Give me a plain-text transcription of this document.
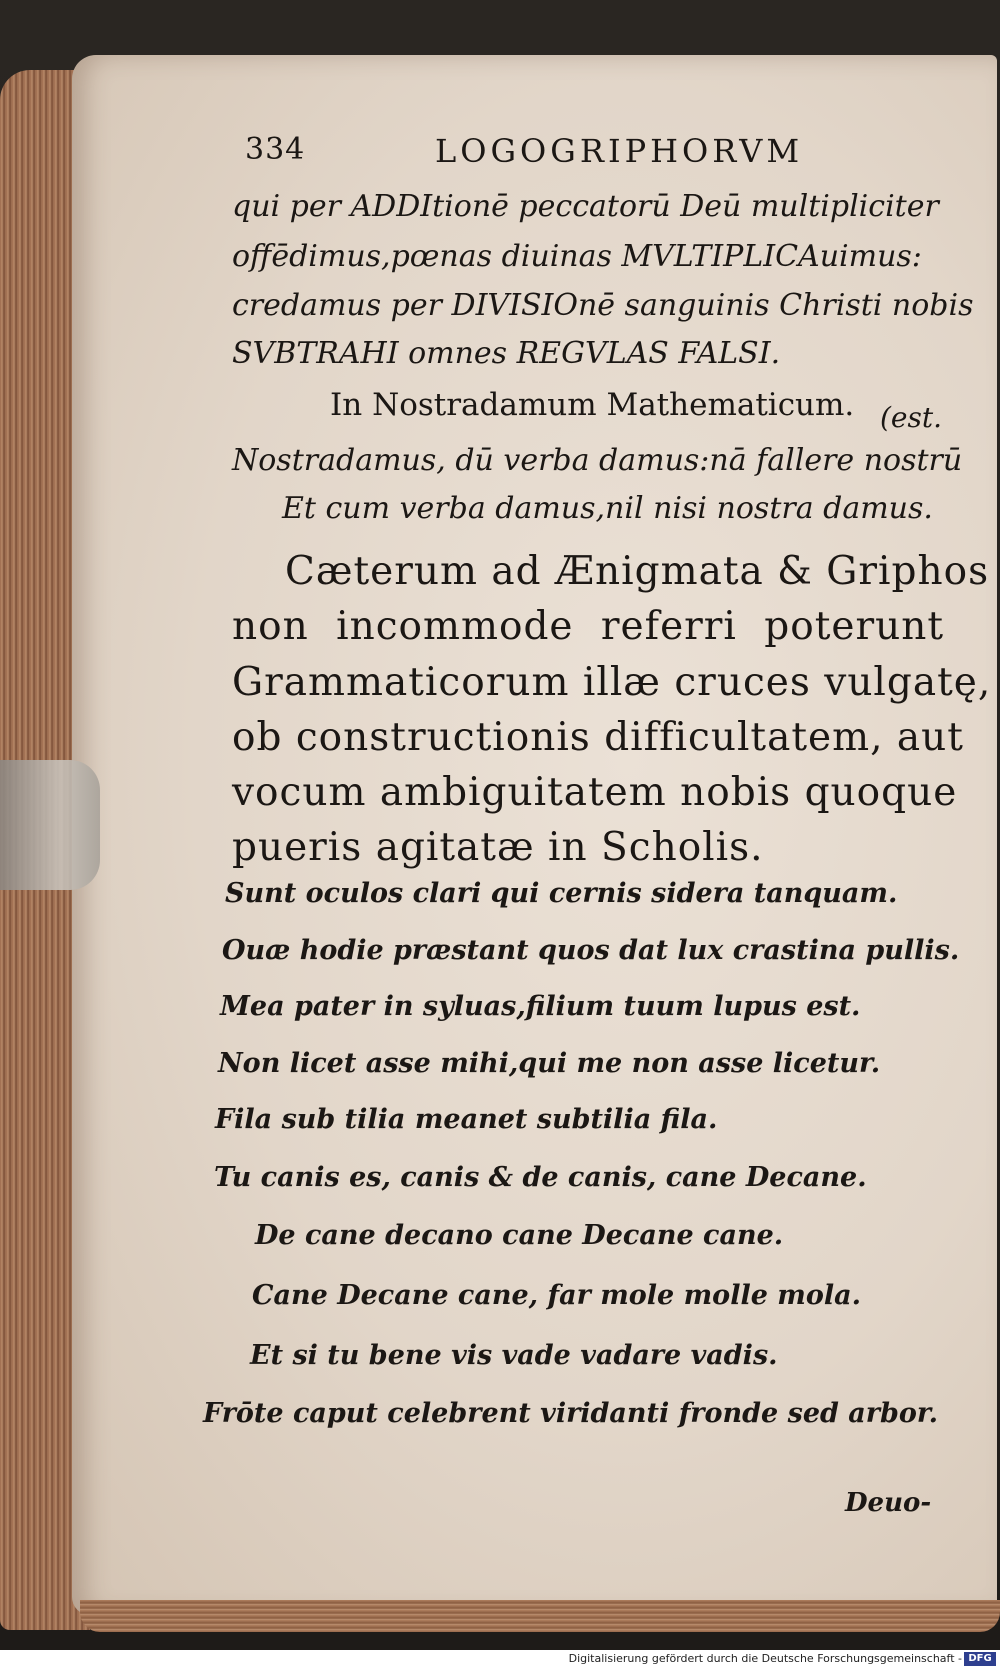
334	LOGOGRIPHORVM
qui per ADDItionē peccatorū Deū multipliciter
offēdimus,pœnas diuinas MVLTIPLICAuimus:
credamus per DIVISIOnē sanguinis Christi nobis
SVBTRAHI omnes REGVLAS FALSI.
In Nostradamum Mathematicum. (est.
Nostradamus, dū verba damus:nā fallere nostrū
Et cum verba damus,nil nisi nostra damus.
Cæterum ad Ænigmata & Griphos
non incommode referri poterunt
Grammaticorum illæ cruces vulgatę,
ob constructionis difficultatem, aut
vocum ambiguitatem nobis quoque
pueris agitatæ in Scholis.
Sunt oculos clari qui cernis sidera tanquam.
Ouæ hodie præstant quos dat lux crastina pullis.
Mea pater in syluas,filium tuum lupus est.
Non licet asse mihi,qui me non asse licetur.
Fila sub tilia meanet subtilia fila.
Tu canis es, canis & de canis, cane Decane.
De cane decano cane Decane cane.
Cane Decane cane, far mole molle mola.
Et si tu bene vis vade vadare vadis.
Frōte caput celebrent viridanti fronde sed arbor.
Deuo-
Digitalisierung gefördert durch die Deutsche Forschungsgemeinschaft - DFG
